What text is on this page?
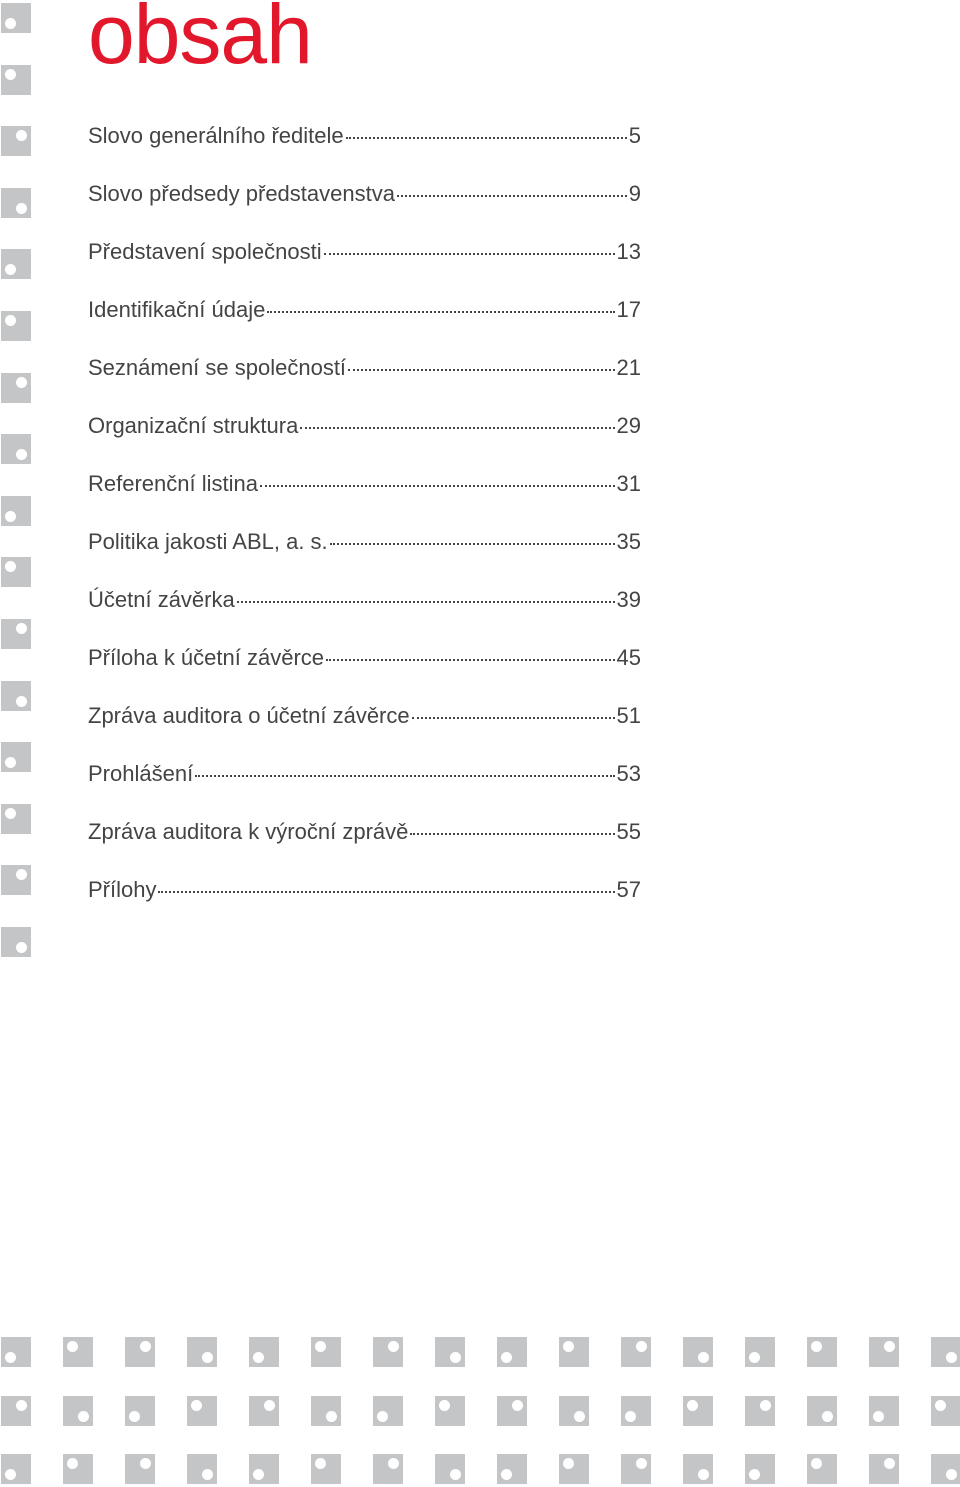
obsah
Slovo generálního ředitele	5
Slovo předsedy představenstva	9
Představení společnosti	13
Identifikační údaje	17
Seznámení se společností	21
Organizační struktura	29
Referenční listina	31
Politika jakosti ABL, a. s.	35
Účetní závěrka	39
Příloha k účetní závěrce	45
Zpráva auditora o účetní závěrce	51
Prohlášení	53
Zpráva auditora k výroční zprávě	55
Přílohy	57
